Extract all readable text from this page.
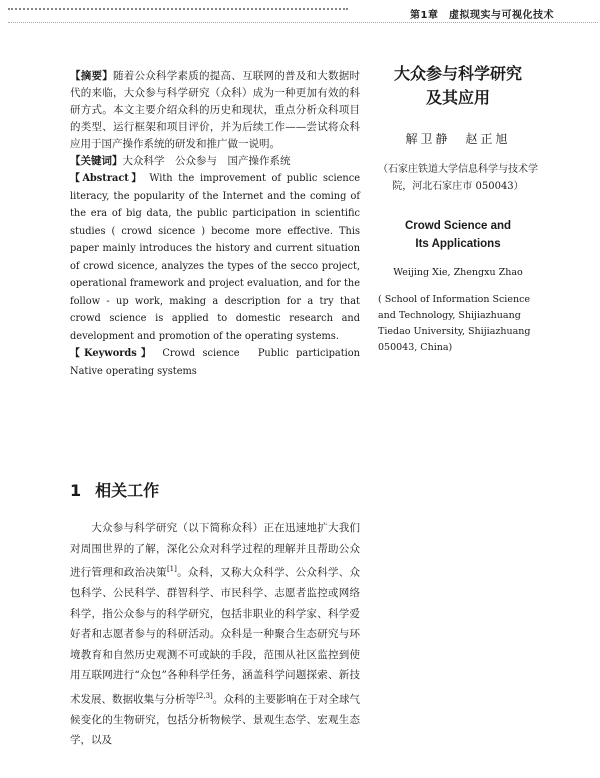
第1章　虚拟现实与可视化技术

【摘要】随着公众科学素质的提高、互联网的普及和大数据时代的来临，大众参与科学研究（众科）成为一种更加有效的科研方式。本文主要介绍众科的历史和现状，重点分析众科项目的类型、运行框架和项目评价，并为后续工作——尝试将众科应用于国产操作系统的研发和推广做一说明。

【关键词】大众科学　公众参与　国产操作系统

【Abstract】 With the improvement of public science literacy, the popularity of the Internet and the coming of the era of big data, the public participation in scientific studies ( crowd sicence ) become more effective. This paper mainly introduces the history and current situation of crowd sicence, analyzes the types of the secco project, operational framework and project evaluation, and for the follow - up work, making a description for a try that crowd science is applied to domestic research and development and promotion of the operating systems.

【Keywords】 Crowd science　Public participation　Native operating systems

大众参与科学研究

及其应用

解卫静　赵正旭
（石家庄铁道大学信息科学与技术学院，河北石家庄市 050043）
Crowd Science and
Its Applications
Weijing Xie, Zhengxu Zhao
( School of Information Science and Technology, Shijiazhuang Tiedao University, Shijiazhuang 050043, China)
1 相关工作
大众参与科学研究（以下简称众科）正在迅速地扩大我们对周围世界的了解，深化公众对科学过程的理解并且帮助公众进行管理和政治决策[1]。众科，又称大众科学、公众科学、众包科学、公民科学、群智科学、市民科学、志愿者监控或网络科学，指公众参与的科学研究，包括非职业的科学家、科学爱好者和志愿者参与的科研活动。众科是一种聚合生态研究与环境教育和自然历史观测不可或缺的手段，范围从社区监控到使用互联网进行“众包”各种科学任务，涵盖科学问题探索、新技术发展、数据收集与分析等[2,3]。众科的主要影响在于对全球气候变化的生物研究，包括分析物候学、景观生态学、宏观生态学，以及
